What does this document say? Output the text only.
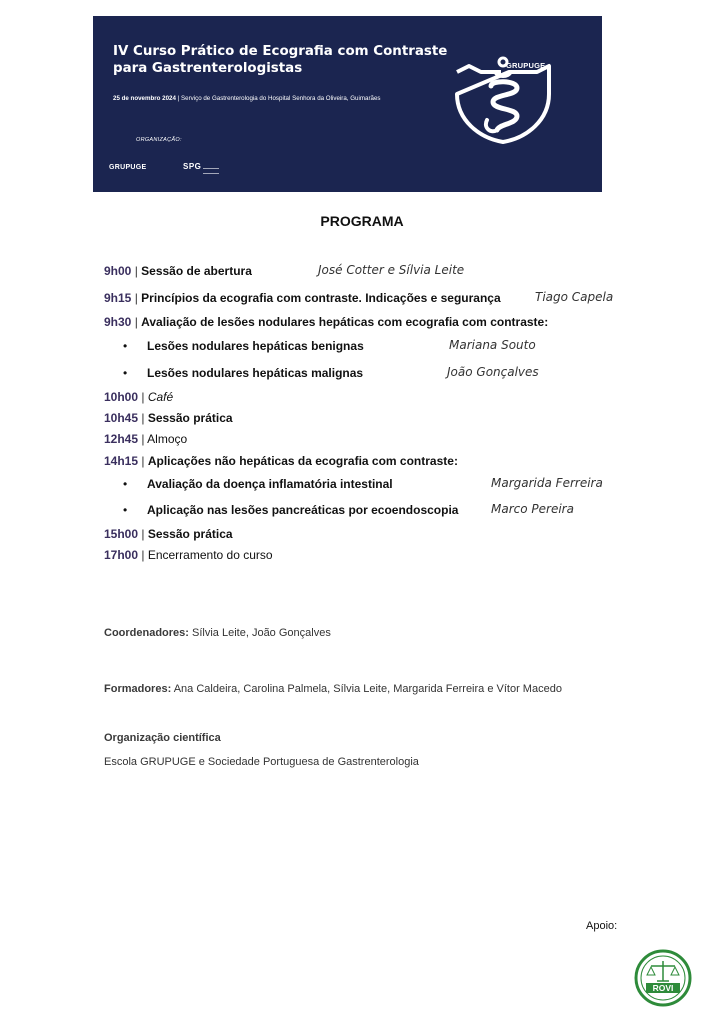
IV Curso Prático de Ecografia com Contraste
para Gastrenterologistas
25 de novembro 2024 | Serviço de Gastrenterologia do Hospital Senhora da Oliveira, Guimarães
ORGANIZAÇÃO:
GRUPUGE	SPG
GRUPUGE
PROGRAMA
9h00 | Sessão de abertura	José Cotter e Sílvia Leite
9h15 | Princípios da ecografia com contraste. Indicações e segurança	Tiago Capela
9h30 | Avaliação de lesões nodulares hepáticas com ecografia com contraste:
• Lesões nodulares hepáticas benignas	Mariana Souto
• Lesões nodulares hepáticas malignas	João Gonçalves
10h00 | Café
10h45 | Sessão prática
12h45 | Almoço
14h15 | Aplicações não hepáticas da ecografia com contraste:
• Avaliação da doença inflamatória intestinal	Margarida Ferreira
• Aplicação nas lesões pancreáticas por ecoendoscopia	Marco Pereira
15h00 | Sessão prática
17h00 | Encerramento do curso
Coordenadores: Sílvia Leite, João Gonçalves
Formadores: Ana Caldeira, Carolina Palmela, Sílvia Leite, Margarida Ferreira e Vítor Macedo
Organização científica
Escola GRUPUGE e Sociedade Portuguesa de Gastrenterologia
Apoio:
ROVI
